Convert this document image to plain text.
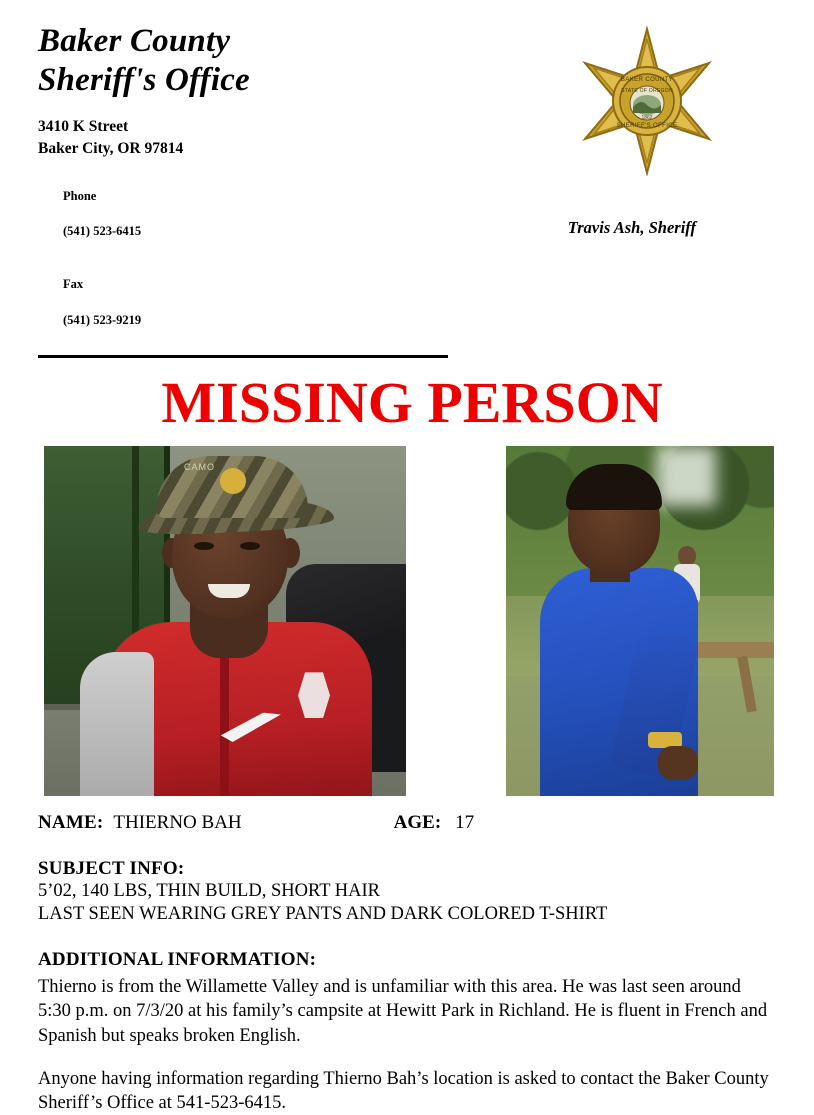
Baker County
Sheriff's Office
3410 K Street
Baker City, OR 97814

Phone

(541) 523-6415

Fax

(541) 523-9219

BAKER COUNTY
STATE OF OREGON
SHERIFF'S OFFICE
1862
Travis Ash, Sheriff
MISSING PERSON
CAMO
NAME: THIERNO BAH	AGE: 17
SUBJECT INFO:
5’02, 140 LBS, THIN BUILD, SHORT HAIR
LAST SEEN WEARING GREY PANTS AND DARK COLORED T-SHIRT
ADDITIONAL INFORMATION:
Thierno is from the Willamette Valley and is unfamiliar with this area. He was last seen around 5:30 p.m. on 7/3/20 at his family’s campsite at Hewitt Park in Richland. He is fluent in French and Spanish but speaks broken English.
Anyone having information regarding Thierno Bah’s location is asked to contact the Baker County Sheriff’s Office at 541-523-6415.
